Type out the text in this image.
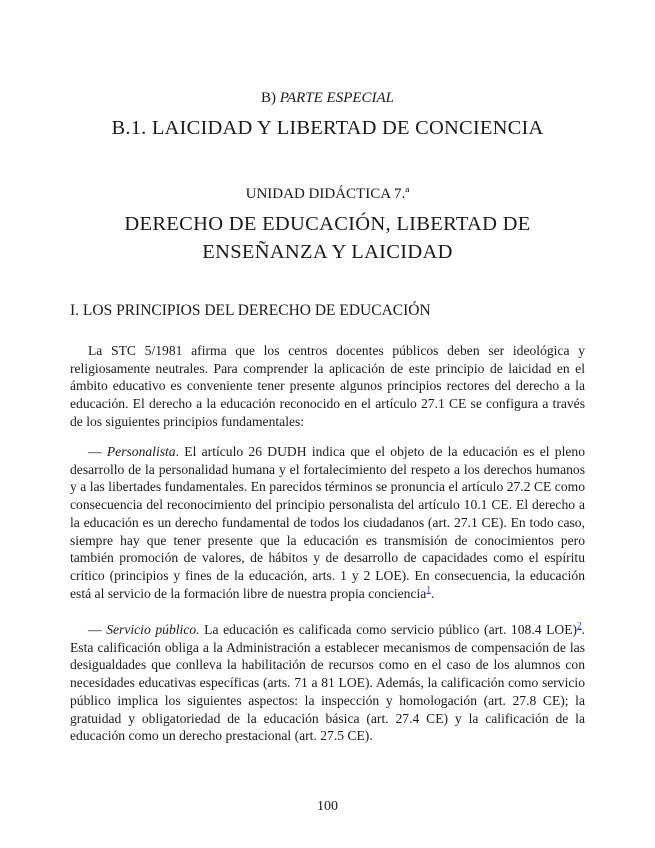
B) PARTE ESPECIAL
B.1. LAICIDAD Y LIBERTAD DE CONCIENCIA
UNIDAD DIDÁCTICA 7.ª
DERECHO DE EDUCACIÓN, LIBERTAD DE
ENSEÑANZA Y LAICIDAD
I. LOS PRINCIPIOS DEL DERECHO DE EDUCACIÓN

La STC 5/1981 afirma que los centros docentes públicos deben ser ideológica y religiosamente neutrales. Para comprender la aplicación de este principio de laicidad en el ámbito educativo es conveniente tener presente algunos principios rectores del derecho a la educación. El derecho a la educación reconocido en el artículo 27.1 CE se configura a través de los siguientes principios fundamentales:

— Personalista. El artículo 26 DUDH indica que el objeto de la educación es el pleno desarrollo de la personalidad humana y el fortalecimiento del respeto a los derechos humanos y a las libertades fundamentales. En parecidos términos se pronuncia el artículo 27.2 CE como consecuencia del reconocimiento del principio personalista del artículo 10.1 CE. El derecho a la educación es un derecho fundamental de todos los ciudadanos (art. 27.1 CE). En todo caso, siempre hay que tener presente que la educación es transmisión de conocimientos pero también promoción de valores, de hábitos y de desarrollo de capacidades como el espíritu crítico (principios y fines de la educación, arts. 1 y 2 LOE). En consecuencia, la educación está al servicio de la formación libre de nuestra propia conciencia$^1$.

— Servicio público. La educación es calificada como servicio público (art. 108.4 LOE)$^2$. Esta calificación obliga a la Administración a establecer mecanismos de compensación de las desigualdades que conlleva la habilitación de recursos como en el caso de los alumnos con necesidades educativas específicas (arts. 71 a 81 LOE). Además, la calificación como servicio público implica los siguientes aspectos: la inspección y homologación (art. 27.8 CE); la gratuidad y obligatoriedad de la educación básica (art. 27.4 CE) y la calificación de la educación como un derecho prestacional (art. 27.5 CE).

100
